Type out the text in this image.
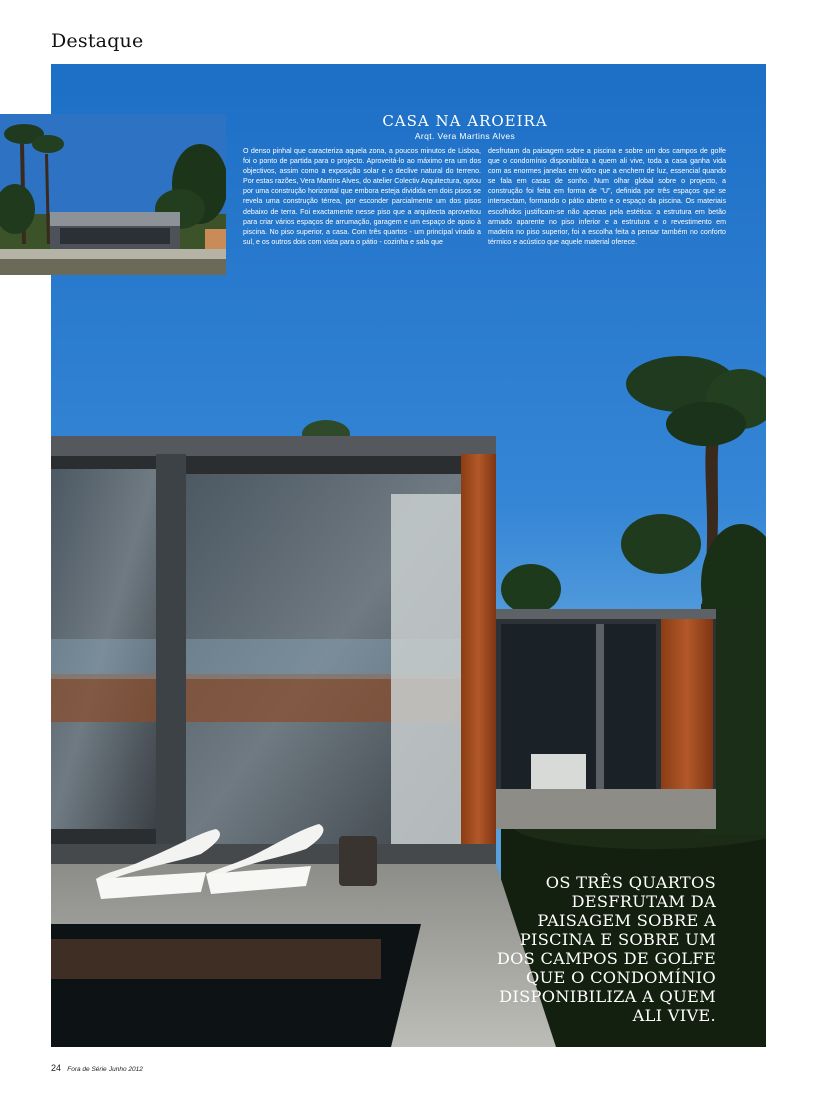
Destaque
CASA NA AROEIRA
Arqt. Vera Martins Alves
O denso pinhal que caracteriza aquela zona, a poucos minutos de Lisboa, foi o ponto de partida para o projecto. Aproveitá-lo ao máximo era um dos objectivos, assim como a exposição solar e o declive natural do terreno. Por estas razões, Vera Martins Alves, do atelier Colectiv Arquitectura, optou por uma construção horizontal que embora esteja dividida em dois pisos se revela uma construção térrea, por esconder parcialmente um dos pisos debaixo de terra. Foi exactamente nesse piso que a arquitecta aproveitou para criar vários espaços de arrumação, garagem e um espaço de apoio à piscina. No piso superior, a casa. Com três quartos - um principal virado a sul, e os outros dois com vista para o pátio - cozinha e sala que
desfrutam da paisagem sobre a piscina e sobre um dos campos de golfe que o condomínio disponibiliza a quem ali vive, toda a casa ganha vida com as enormes janelas em vidro que a enchem de luz, essencial quando se fala em casas de sonho. Num olhar global sobre o projecto, a construção foi feita em forma de "U", definida por três espaços que se intersectam, formando o pátio aberto e o espaço da piscina. Os materiais escolhidos justificam-se não apenas pela estética: a estrutura em betão armado aparente no piso inferior e a estrutura e o revestimento em madeira no piso superior, foi a escolha feita a pensar também no conforto térmico e acústico que aquele material oferece.
OS TRÊS QUARTOS DESFRUTAM DA PAISAGEM SOBRE A PISCINA E SOBRE UM DOS CAMPOS DE GOLFE QUE O CONDOMÍNIO DISPONIBILIZA A QUEM ALI VIVE.
24 Fora de Série Junho 2012
